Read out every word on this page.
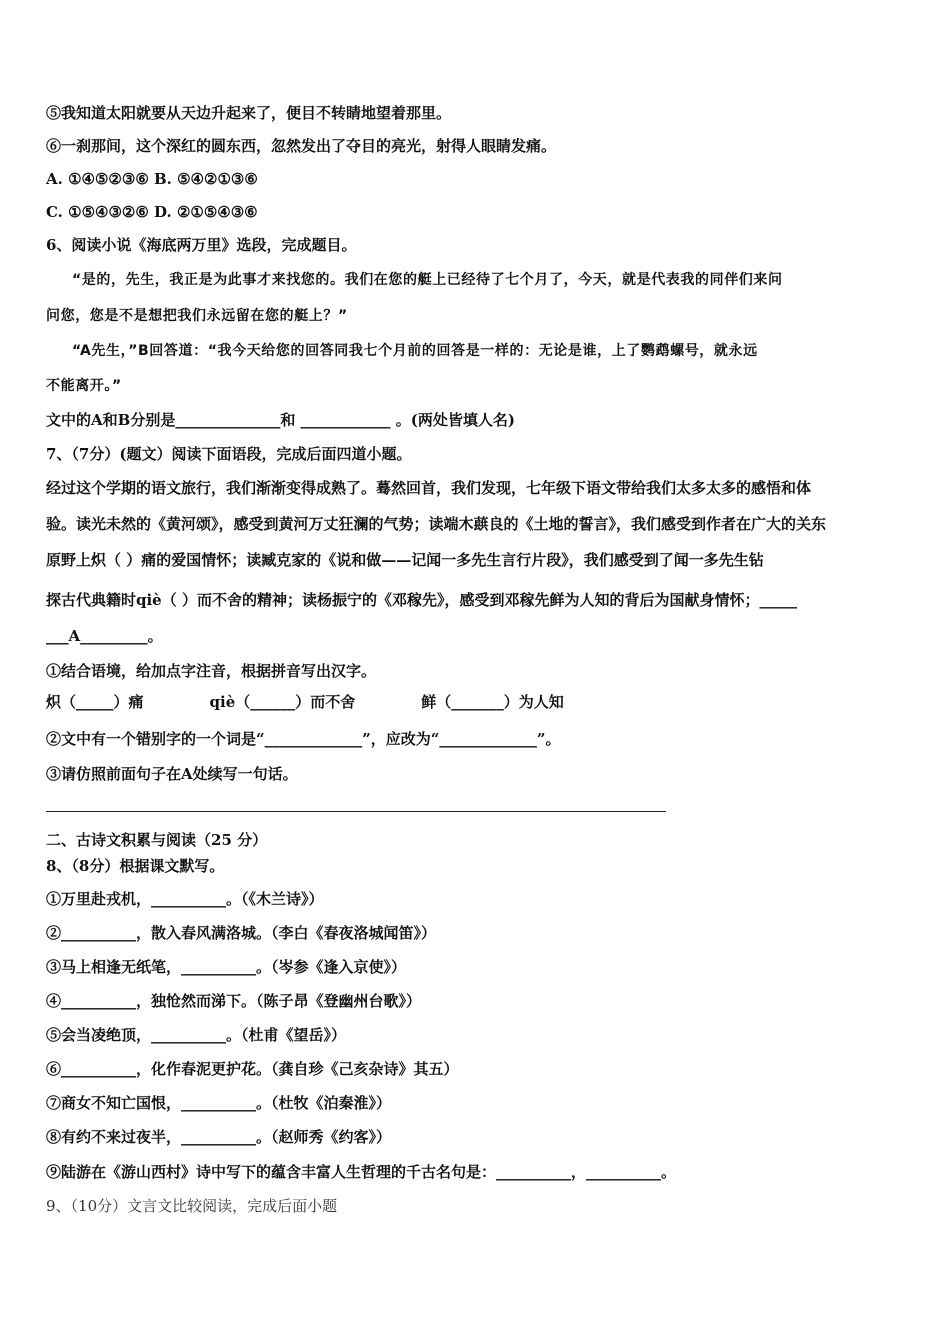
⑤我知道太阳就要从天边升起来了，便目不转睛地望着那里。
⑥一刹那间，这个深红的圆东西，忽然发出了夺目的亮光，射得人眼睛发痛。
A. ①④⑤②③⑥ B. ⑤④②①③⑥
C. ①⑤④③②⑥ D. ②①⑤④③⑥
6、阅读小说《海底两万里》选段，完成题目。
“是的，先生，我正是为此事才来找您的。我们在您的艇上已经待了七个月了，今天，就是代表我的同伴们来问
问您，您是不是想把我们永远留在您的艇上？”
“A先生，”B回答道：“我今天给您的回答同我七个月前的回答是一样的：无论是谁，上了鹦鹉螺号，就永远
不能离开。”
文中的A和B分别是______________和 ____________ 。(两处皆填人名)
7、（7分）(题文）阅读下面语段，完成后面四道小题。
经过这个学期的语文旅行，我们渐渐变得成熟了。蓦然回首，我们发现，七年级下语文带给我们太多太多的感悟和体
验。读光未然的《黄河颂》，感受到黄河万丈狂澜的气势；读端木蕻良的《土地的誓言》，我们感受到作者在广大的关东
原野上炽（ ）痛的爱国情怀；读臧克家的《说和做——记闻一多先生言行片段》，我们感受到了闻一多先生钻
探古代典籍时qiè（ ）而不舍的精神；读杨振宁的《邓稼先》，感受到邓稼先鲜为人知的背后为国献身情怀；_____
___A_________。
①结合语境，给加点字注音，根据拼音写出汉字。
炽（_____）痛	qiè（______）而不舍	鲜（_______）为人知
②文中有一个错别字的一个词是“_____________”，应改为“_____________”。
③请仿照前面句子在A处续写一句话。
二、古诗文积累与阅读（25 分）
8、（8分）根据课文默写。
①万里赴戎机，__________。（《木兰诗》）
②__________，散入春风满洛城。（李白《春夜洛城闻笛》）
③马上相逢无纸笔，__________。（岑参《逢入京使》）
④__________，独怆然而涕下。（陈子昂《登幽州台歌》）
⑤会当凌绝顶，__________。（杜甫《望岳》）
⑥__________，化作春泥更护花。（龚自珍《己亥杂诗》其五）
⑦商女不知亡国恨，__________。（杜牧《泊秦淮》）
⑧有约不来过夜半，__________。（赵师秀《约客》）
⑨陆游在《游山西村》诗中写下的蕴含丰富人生哲理的千古名句是：__________，__________。
9、（10分）文言文比较阅读，完成后面小题
